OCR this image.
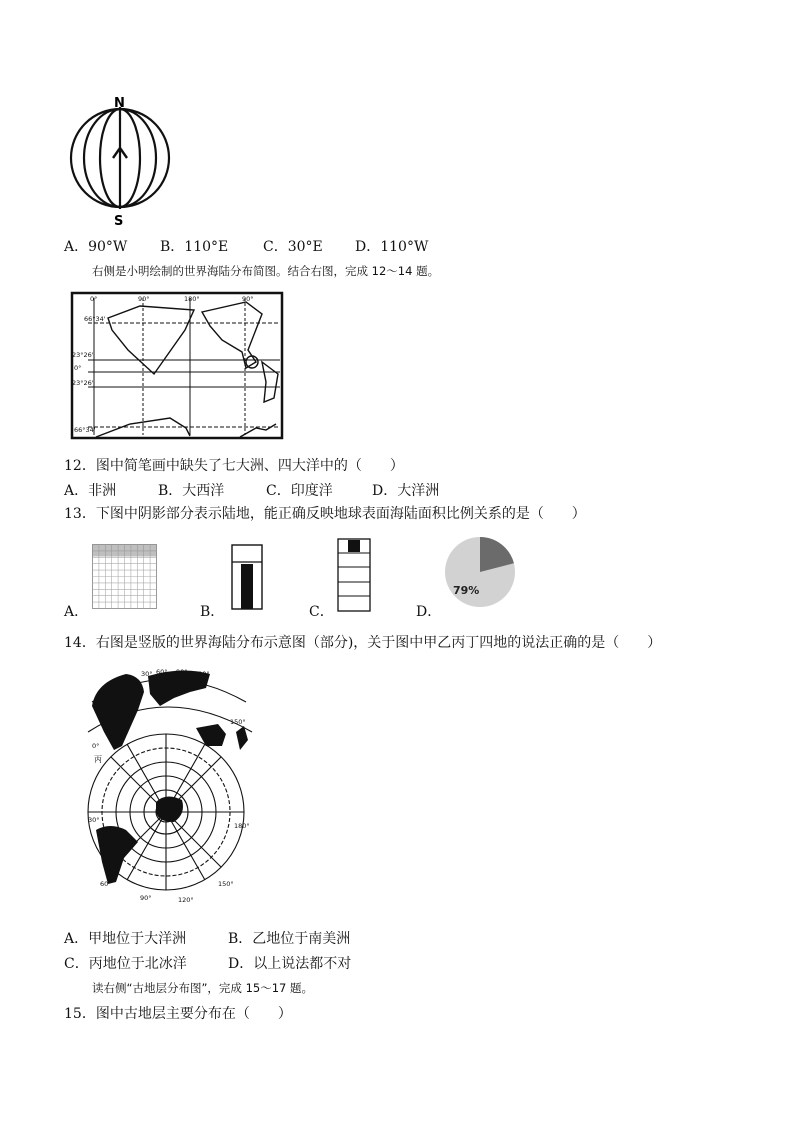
N
S
A．90°W B．110°E C．30°E D．110°W
右侧是小明绘制的世界海陆分布简图。结合右图，完成 12～14 题。
66°34'
23°26'
0°
23°26'
66°34'
0°	90°	180°	90°
12．图中简笔画中缺失了七大洲、四大洋中的（　　）
A．非洲	B．大西洋	C．印度洋	D．大洋洲
13．下图中阴影部分表示陆地，能正确反映地球表面海陆面积比例关系的是（　　）
79%
A．	B．	C．	D．
14．右图是竖版的世界海陆分布示意图（部分)，关于图中甲乙丙丁四地的说法正确的是（　　）
30° 60° 90° 120°
150°
180°
0°
30°
60°
90°	120°
150°
丙
A．甲地位于大洋洲	B．乙地位于南美洲
C．丙地位于北冰洋	D．以上说法都不对
读右侧“古地层分布图”，完成 15～17 题。
15．图中古地层主要分布在（　　）
